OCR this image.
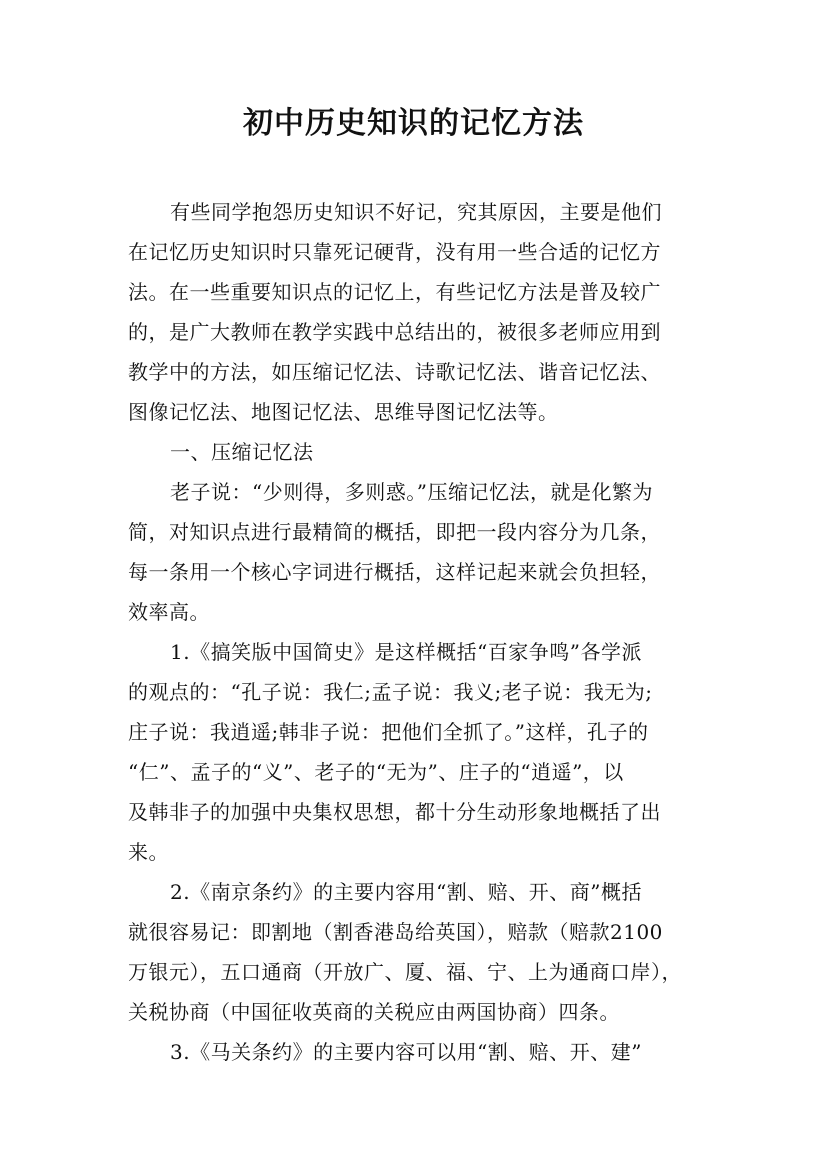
初中历史知识的记忆方法
有些同学抱怨历史知识不好记，究其原因，主要是他们
在记忆历史知识时只靠死记硬背，没有用一些合适的记忆方
法。在一些重要知识点的记忆上，有些记忆方法是普及较广
的，是广大教师在教学实践中总结出的，被很多老师应用到
教学中的方法，如压缩记忆法、诗歌记忆法、谐音记忆法、
图像记忆法、地图记忆法、思维导图记忆法等。
一、压缩记忆法
老子说：“少则得，多则惑。”压缩记忆法，就是化繁为
简，对知识点进行最精简的概括，即把一段内容分为几条，
每一条用一个核心字词进行概括，这样记起来就会负担轻，
效率高。
1.《搞笑版中国简史》是这样概括“百家争鸣”各学派
的观点的：“孔子说：我仁;孟子说：我义;老子说：我无为;
庄子说：我逍遥;韩非子说：把他们全抓了。”这样，孔子的
“仁”、孟子的“义”、老子的“无为”、庄子的“逍遥”，以
及韩非子的加强中央集权思想，都十分生动形象地概括了出
来。
2.《南京条约》的主要内容用“割、赔、开、商”概括
就很容易记：即割地（割香港岛给英国），赔款（赔款2100
万银元），五口通商（开放广、厦、福、宁、上为通商口岸），
关税协商（中国征收英商的关税应由两国协商）四条。
3.《马关条约》的主要内容可以用“割、赔、开、建”
